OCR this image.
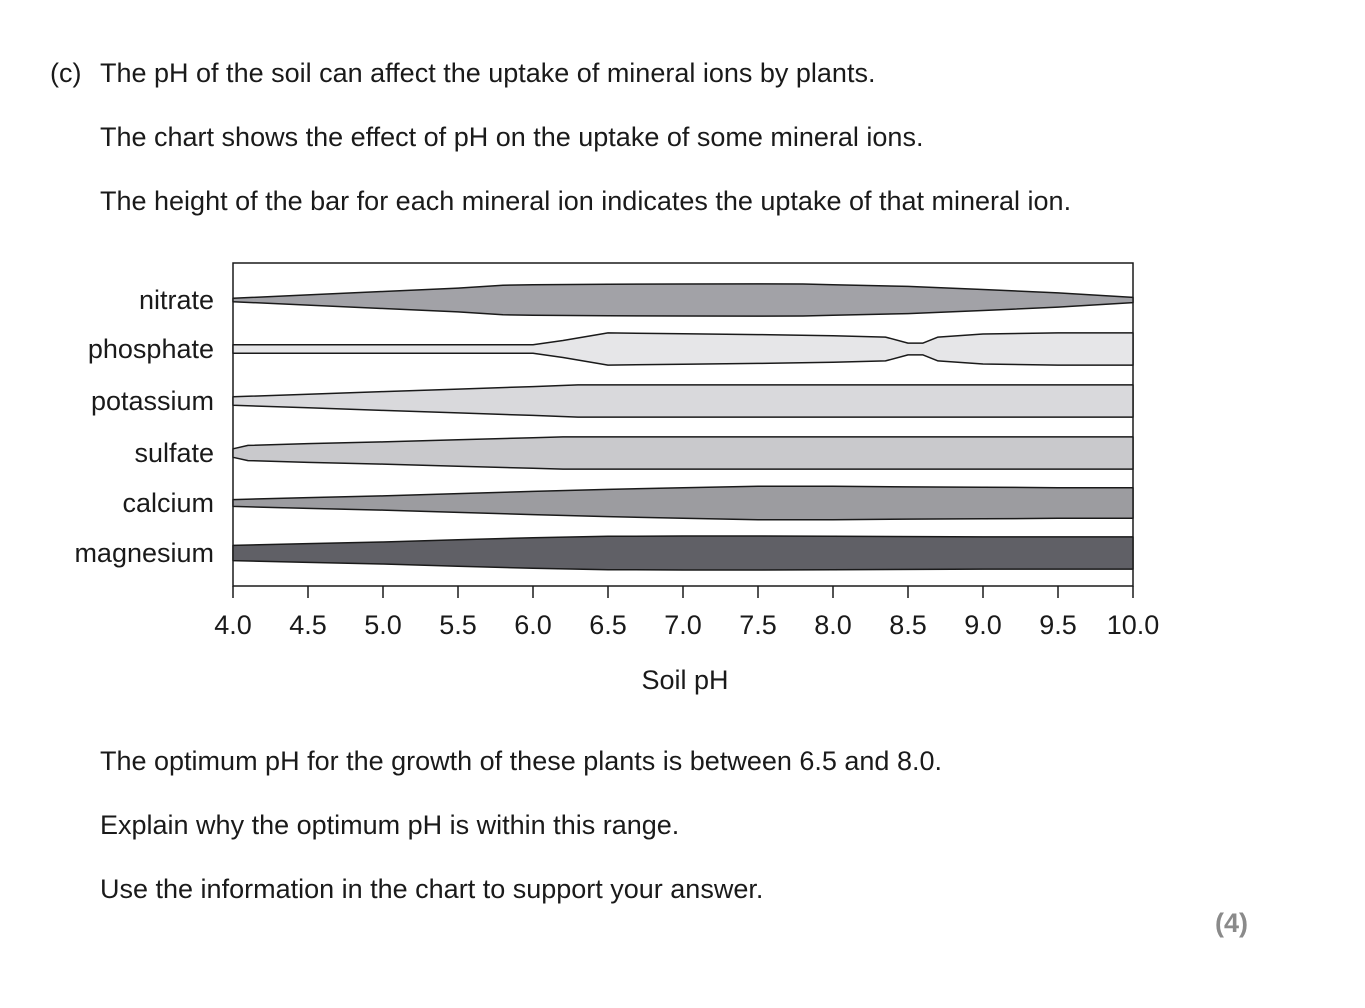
(c) The pH of the soil can affect the uptake of mineral ions by plants.
The chart shows the effect of pH on the uptake of some mineral ions.
The height of the bar for each mineral ion indicates the uptake of that mineral ion.
nitrate
phosphate
potassium
sulfate
calcium
magnesium
4.0 4.5 5.0 5.5 6.0 6.5 7.0 7.5 8.0 8.5 9.0 9.5 10.0
Soil pH
The optimum pH for the growth of these plants is between 6.5 and 8.0.
Explain why the optimum pH is within this range.
Use the information in the chart to support your answer.
(4)
